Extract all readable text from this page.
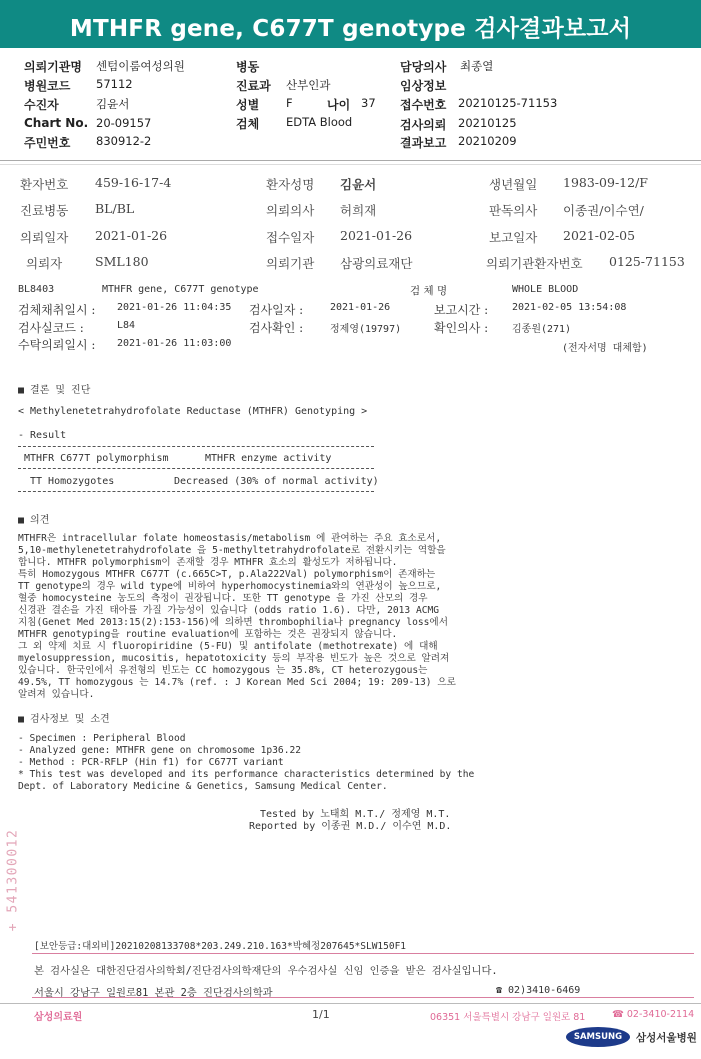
MTHFR gene, C677T genotype 검사결과보고서
의뢰기관명 센텀이룸여성의원
병원코드 57112
수진자	김윤서
Chart No. 20-09157
주민번호 830912-2
병동
진료과 산부인과
성별 F	나이 37
검체 EDTA Blood
담당의사 최종열
임상정보
접수번호 20210125-71153
검사의뢰 20210125
결과보고 20210209
환자번호 459-16-17-4	환자성명 김윤서	생년월일 1983-09-12/F
진료병동 BL/BL	의뢰의사 허희재	판독의사 이종권/이수연/
의뢰일자 2021-01-26	접수일자 2021-01-26	보고일자 2021-02-05
의뢰자	SML180	의뢰기관 삼광의료재단	의뢰기관환자번호 0125-71153
BL8403	MTHFR gene, C677T genotype	검 체 명	WHOLE BLOOD
검체채취일시 : 2021-01-26 11:04:35 검사일자 :	2021-01-26	보고시간 : 2021-02-05 13:54:08
검사실코드 :	L84	검사확인 :	정제영(19797)	확인의사 : 김종원(271)
수탁의뢰일시 : 2021-01-26 11:03:00	(전자서명 대체함)
■ 결론 및 진단
< Methylenetetrahydrofolate Reductase (MTHFR) Genotyping >
- Result
MTHFR C677T polymorphism	MTHFR enzyme activity
TT Homozygotes	Decreased (30% of normal activity)
■ 의견
MTHFR은 intracellular folate homeostasis/metabolism 에 관여하는 주요 효소로서,
5,10-methylenetetrahydrofolate 을 5-methyltetrahydrofolate로 전환시키는 역할을
합니다. MTHFR polymorphism이 존재할 경우 MTHFR 효소의 활성도가 저하됩니다.
특히 Homozygous MTHFR C677T (c.665C>T, p.Ala222Val) polymorphism이 존재하는
TT genotype의 경우 wild type에 비하여 hyperhomocystinemia와의 연관성이 높으므로,
혈중 homocysteine 농도의 측정이 권장됩니다. 또한 TT genotype 을 가진 산모의 경우
신경관 결손을 가진 태아를 가질 가능성이 있습니다 (odds ratio 1.6). 다만, 2013 ACMG
지침(Genet Med 2013:15(2):153-156)에 의하면 thrombophilia나 pregnancy loss에서
MTHFR genotyping을 routine evaluation에 포함하는 것은 권장되지 않습니다.
그 외 약제 치료 시 fluoropiridine (5-FU) 및 antifolate (methotrexate) 에 대해
myelosuppression, mucositis, hepatotoxicity 등의 부작용 빈도가 높은 것으로 알려져
있습니다. 한국인에서 유전형의 빈도는 CC homozygous 는 35.8%, CT heterozygous는
49.5%, TT homozygous 는 14.7% (ref. : J Korean Med Sci 2004; 19: 209-13) 으로
알려져 있습니다.
■ 검사정보 및 소견
- Specimen : Peripheral Blood
- Analyzed gene: MTHFR gene on chromosome 1p36.22
- Method : PCR-RFLP (Hin f1) for C677T variant
* This test was developed and its performance characteristics determined by the
Dept. of Laboratory Medicine & Genetics, Samsung Medical Center.
Tested by 노태희 M.T./ 정제영 M.T.
Reported by 이종권 M.D./ 이수연 M.D.
+ 541300012
[보안등급:대외비]20210208133708*203.249.210.163*박혜정207645*SLW150F1
본 검사실은 대한진단검사의학회/진단검사의학재단의 우수검사실 신임 인증을 받은 검사실입니다.
서울시 강남구 일원로81 본관 2층 진단검사의학과	☎ 02)3410-6469
삼성의료원	1/1	06351 서울특별시 강남구 일원로 81	☎ 02-3410-2114
SAMSUNG	삼성서울병원
